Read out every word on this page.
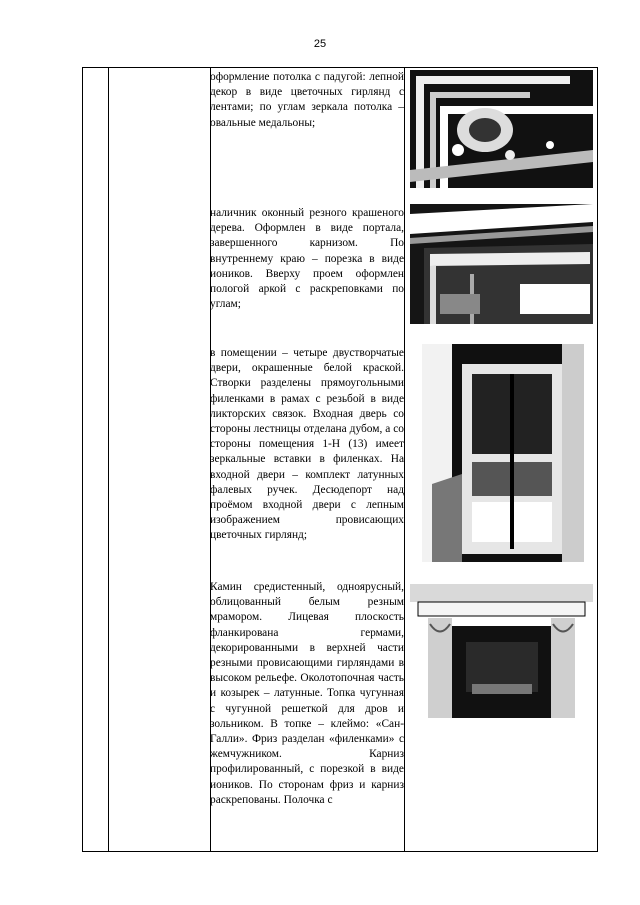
25

оформление потолка с падугой: лепной декор в виде цветочных гирлянд с лентами; по углам зеркала потолка – овальные медальоны;

наличник оконный резного крашеного дерева. Оформлен в виде портала, завершенного карнизом. По внутреннему краю – порезка в виде иоников. Вверху проем оформлен пологой аркой с раскреповками по углам;

в помещении – четыре двустворчатые двери, окрашенные белой краской. Створки разделены прямоугольными филенками в рамах с резьбой в виде ликторских связок. Входная дверь со стороны лестницы отделана дубом, а со стороны помещения 1-Н (13) имеет зеркальные вставки в филенках. На входной двери – комплект латунных фалевых ручек. Десюдепорт над проёмом входной двери с лепным изображением провисающих цветочных гирлянд;

Камин средистенный, одноярусный, облицованный белым резным мрамором. Лицевая плоскость фланкирована гермами, декорированными в верхней части резными провисающими гирляндами в высоком рельефе. Околотопочная часть и козырек – латунные. Топка чугунная с чугунной решеткой для дров и зольником. В топке – клеймо: «Сан-Галли». Фриз разделан «филенками» с жемчужником. Карниз профилированный, с порезкой в виде иоников. По сторонам фриз и карниз раскрепованы. Полочка с
